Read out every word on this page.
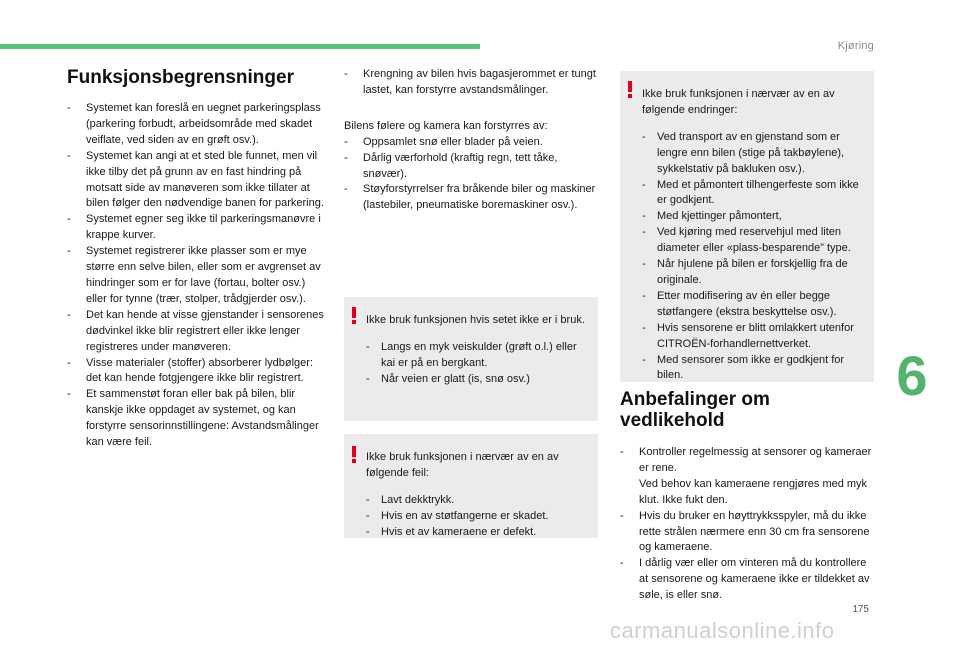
Kjøring
6
175
carmanualsonline.info
Funksjonsbegrensninger
- Systemet kan foreslå en uegnet parkeringsplass (parkering forbudt, arbeidsområde med skadet veiflate, ved siden av en grøft osv.).
- Systemet kan angi at et sted ble funnet, men vil ikke tilby det på grunn av en fast hindring på motsatt side av manøveren som ikke tillater at bilen følger den nødvendige banen for parkering.
- Systemet egner seg ikke til parkeringsmanøvre i krappe kurver.
- Systemet registrerer ikke plasser som er mye større enn selve bilen, eller som er avgrenset av hindringer som er for lave (fortau, bolter osv.) eller for tynne (trær, stolper, trådgjerder osv.).
- Det kan hende at visse gjenstander i sensorenes dødvinkel ikke blir registrert eller ikke lenger registreres under manøveren.
- Visse materialer (stoffer) absorberer lydbølger: det kan hende fotgjengere ikke blir registrert.
- Et sammenstøt foran eller bak på bilen, blir kanskje ikke oppdaget av systemet, og kan forstyrre sensorinnstillingene: Avstandsmålinger kan være feil.
- Krengning av bilen hvis bagasjerommet er tungt lastet, kan forstyrre avstandsmålinger.

Bilens følere og kamera kan forstyrres av:

- Oppsamlet snø eller blader på veien.
- Dårlig værforhold (kraftig regn, tett tåke, snøvær).
- Støyforstyrrelser fra bråkende biler og maskiner (lastebiler, pneumatiske boremaskiner osv.).

Ikke bruk funksjonen hvis setet ikke er i bruk.

- Langs en myk veiskulder (grøft o.l.) eller kai er på en bergkant.
- Når veien er glatt (is, snø osv.)

Ikke bruk funksjonen i nærvær av en av følgende feil:

- Lavt dekktrykk.
- Hvis en av støtfangerne er skadet.
- Hvis et av kameraene er defekt.

Ikke bruk funksjonen i nærvær av en av følgende endringer:

- Ved transport av en gjenstand som er lengre enn bilen (stige på takbøylene), sykkelstativ på bakluken osv.).
- Med et påmontert tilhengerfeste som ikke er godkjent.
- Med kjettinger påmontert,
- Ved kjøring med reservehjul med liten diameter eller «plass-besparende” type.
- Når hjulene på bilen er forskjellig fra de originale.
- Etter modifisering av én eller begge støtfangere (ekstra beskyttelse osv.).
- Hvis sensorene er blitt omlakkert utenfor CITROËN-forhandlernettverket.
- Med sensorer som ikke er godkjent for bilen.
Anbefalinger om
vedlikehold
- Kontroller regelmessig at sensorer og kameraer er rene.
Ved behov kan kameraene rengjøres med myk klut. Ikke fukt den.
- Hvis du bruker en høyttrykksspyler, må du ikke rette strålen nærmere enn 30 cm fra sensorene og kameraene.
- I dårlig vær eller om vinteren må du kontrollere at sensorene og kameraene ikke er tildekket av søle, is eller snø.
